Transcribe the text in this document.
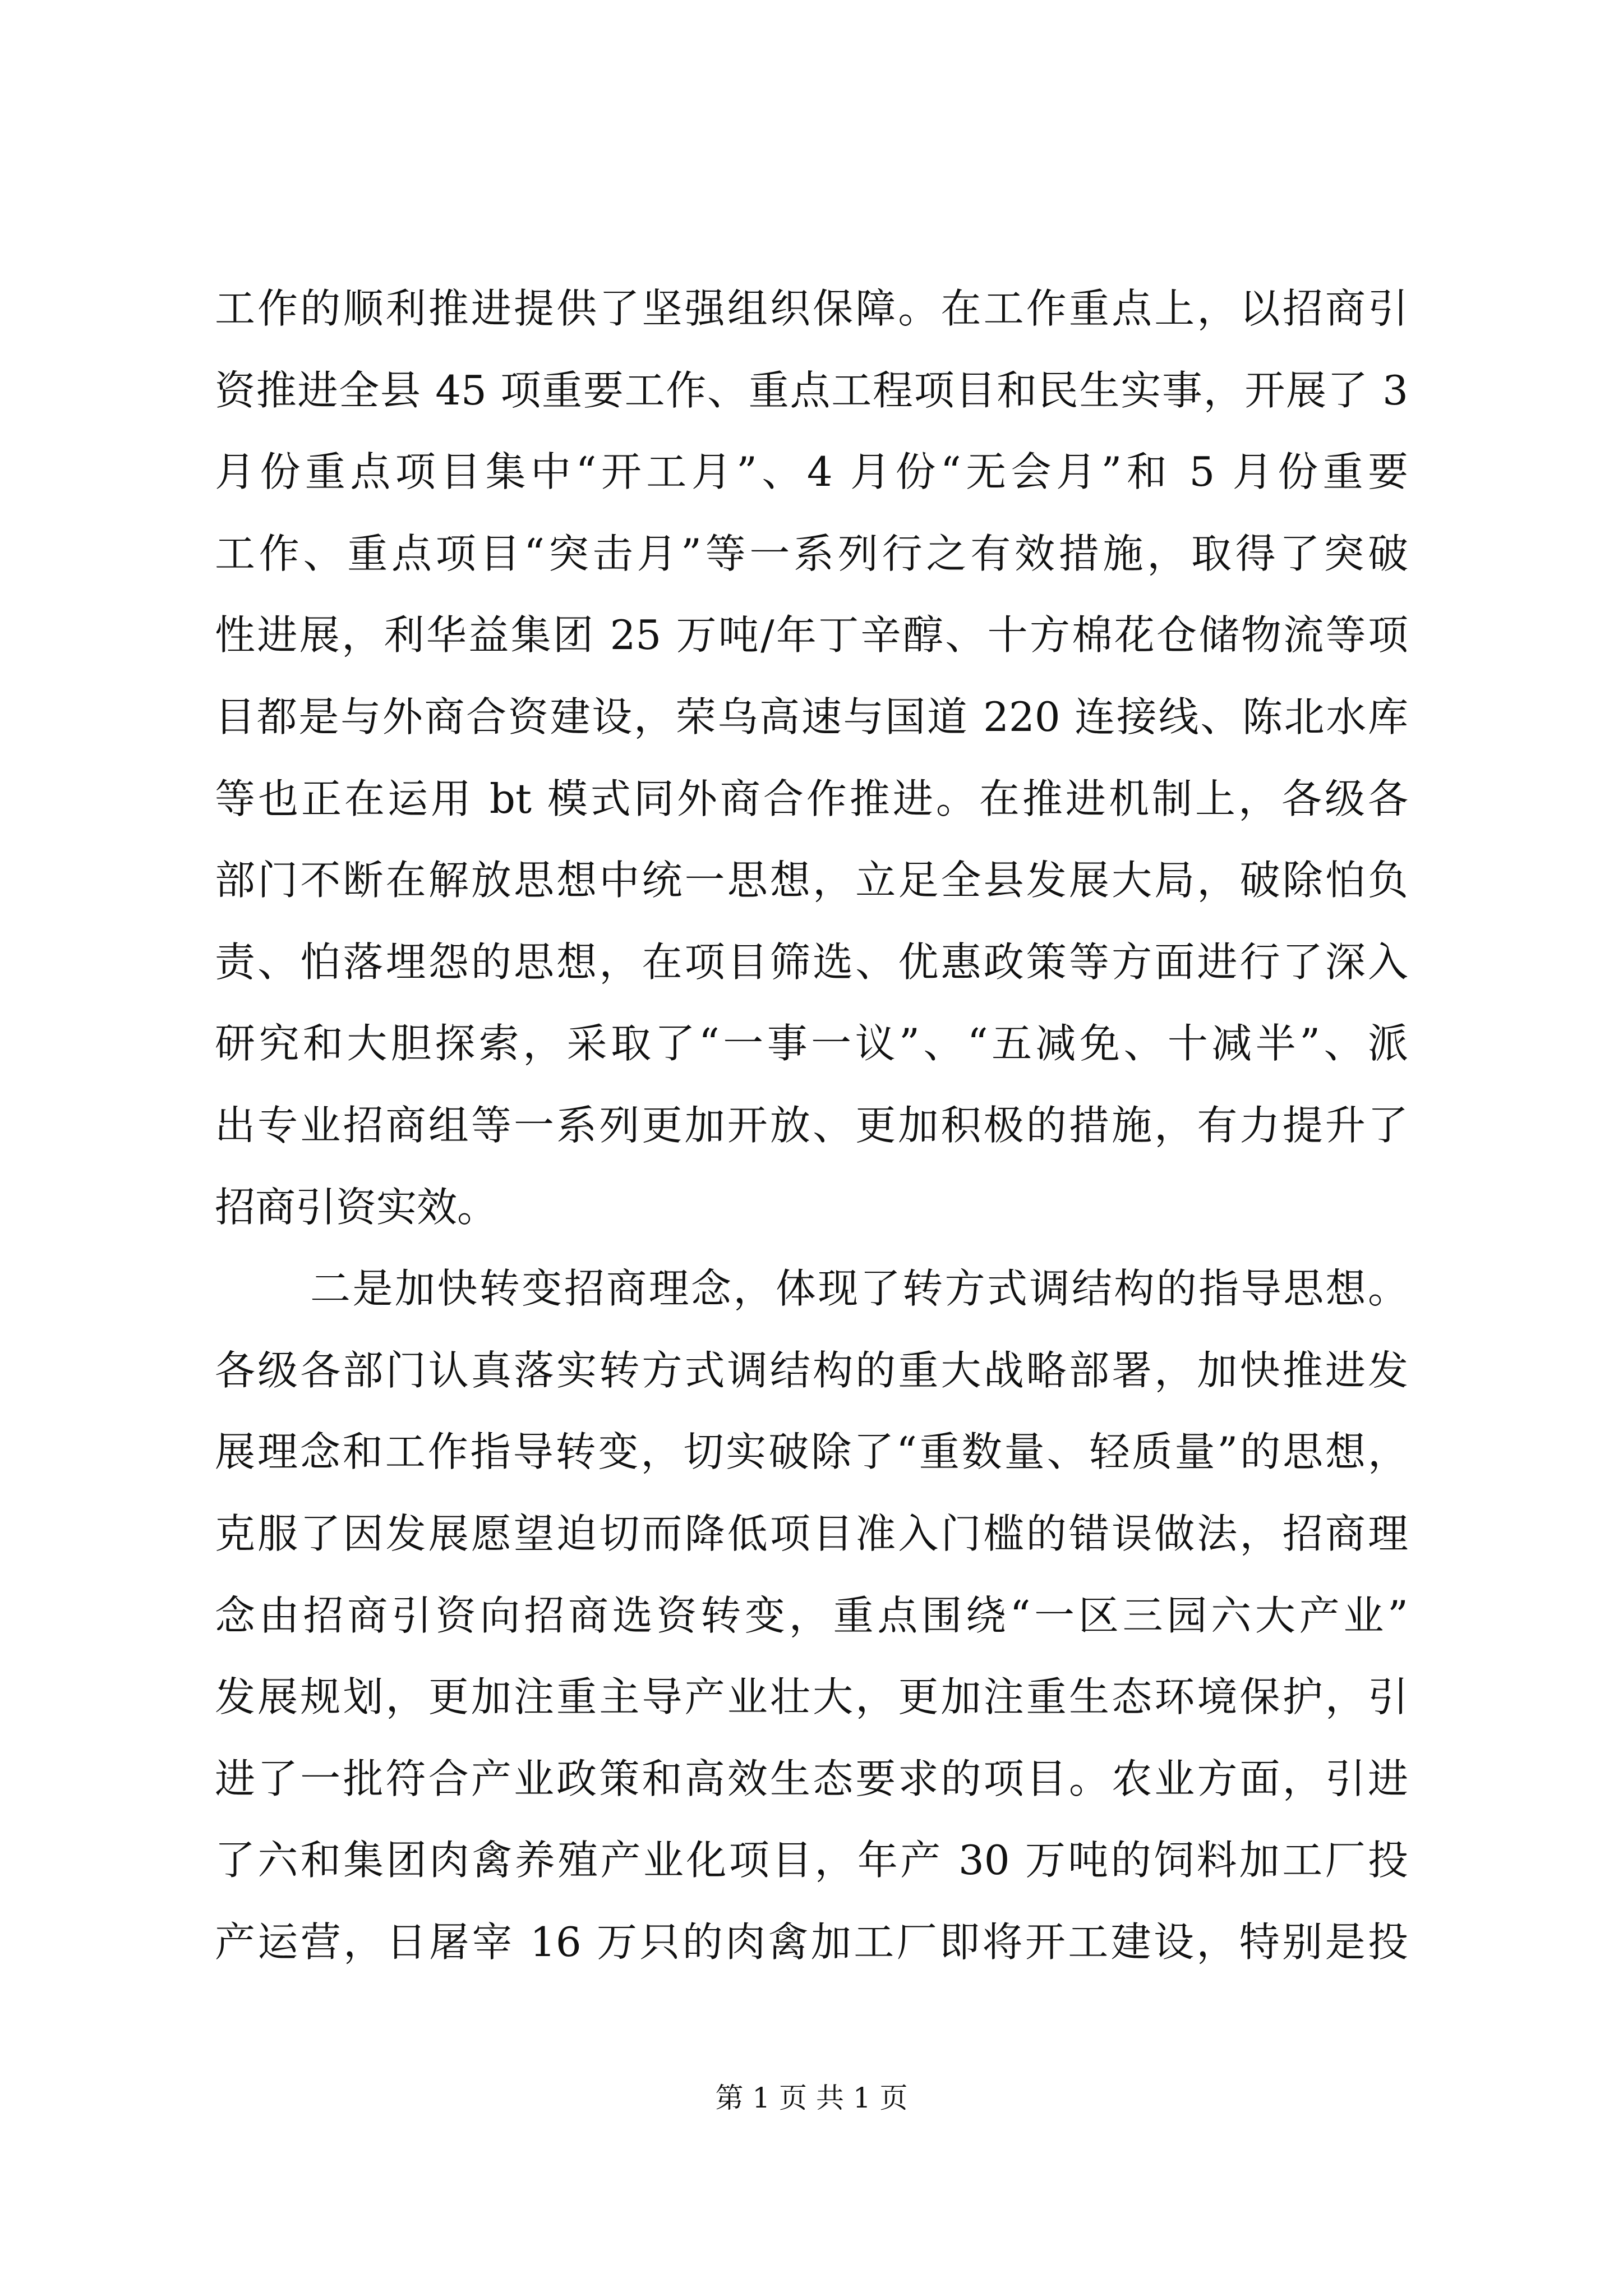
工作的顺利推进提供了坚强组织保障。在工作重点上，以招商引
资推进全县 45 项重要工作、重点工程项目和民生实事，开展了 3
月份重点项目集中“开工月”、4 月份“无会月”和 5 月份重要
工作、重点项目“突击月”等一系列行之有效措施，取得了突破
性进展，利华益集团 25 万吨/年丁辛醇、十方棉花仓储物流等项
目都是与外商合资建设，荣乌高速与国道 220 连接线、陈北水库
等也正在运用 bt 模式同外商合作推进。在推进机制上，各级各
部门不断在解放思想中统一思想，立足全县发展大局，破除怕负
责、怕落埋怨的思想，在项目筛选、优惠政策等方面进行了深入
研究和大胆探索，采取了“一事一议”、“五减免、十减半”、派
出专业招商组等一系列更加开放、更加积极的措施，有力提升了
招商引资实效。
二是加快转变招商理念，体现了转方式调结构的指导思想。
各级各部门认真落实转方式调结构的重大战略部署，加快推进发
展理念和工作指导转变，切实破除了“重数量、轻质量”的思想，
克服了因发展愿望迫切而降低项目准入门槛的错误做法，招商理
念由招商引资向招商选资转变，重点围绕“一区三园六大产业”
发展规划，更加注重主导产业壮大，更加注重生态环境保护，引
进了一批符合产业政策和高效生态要求的项目。农业方面，引进
了六和集团肉禽养殖产业化项目，年产 30 万吨的饲料加工厂投
产运营，日屠宰 16 万只的肉禽加工厂即将开工建设，特别是投
第 1 页 共 1 页
